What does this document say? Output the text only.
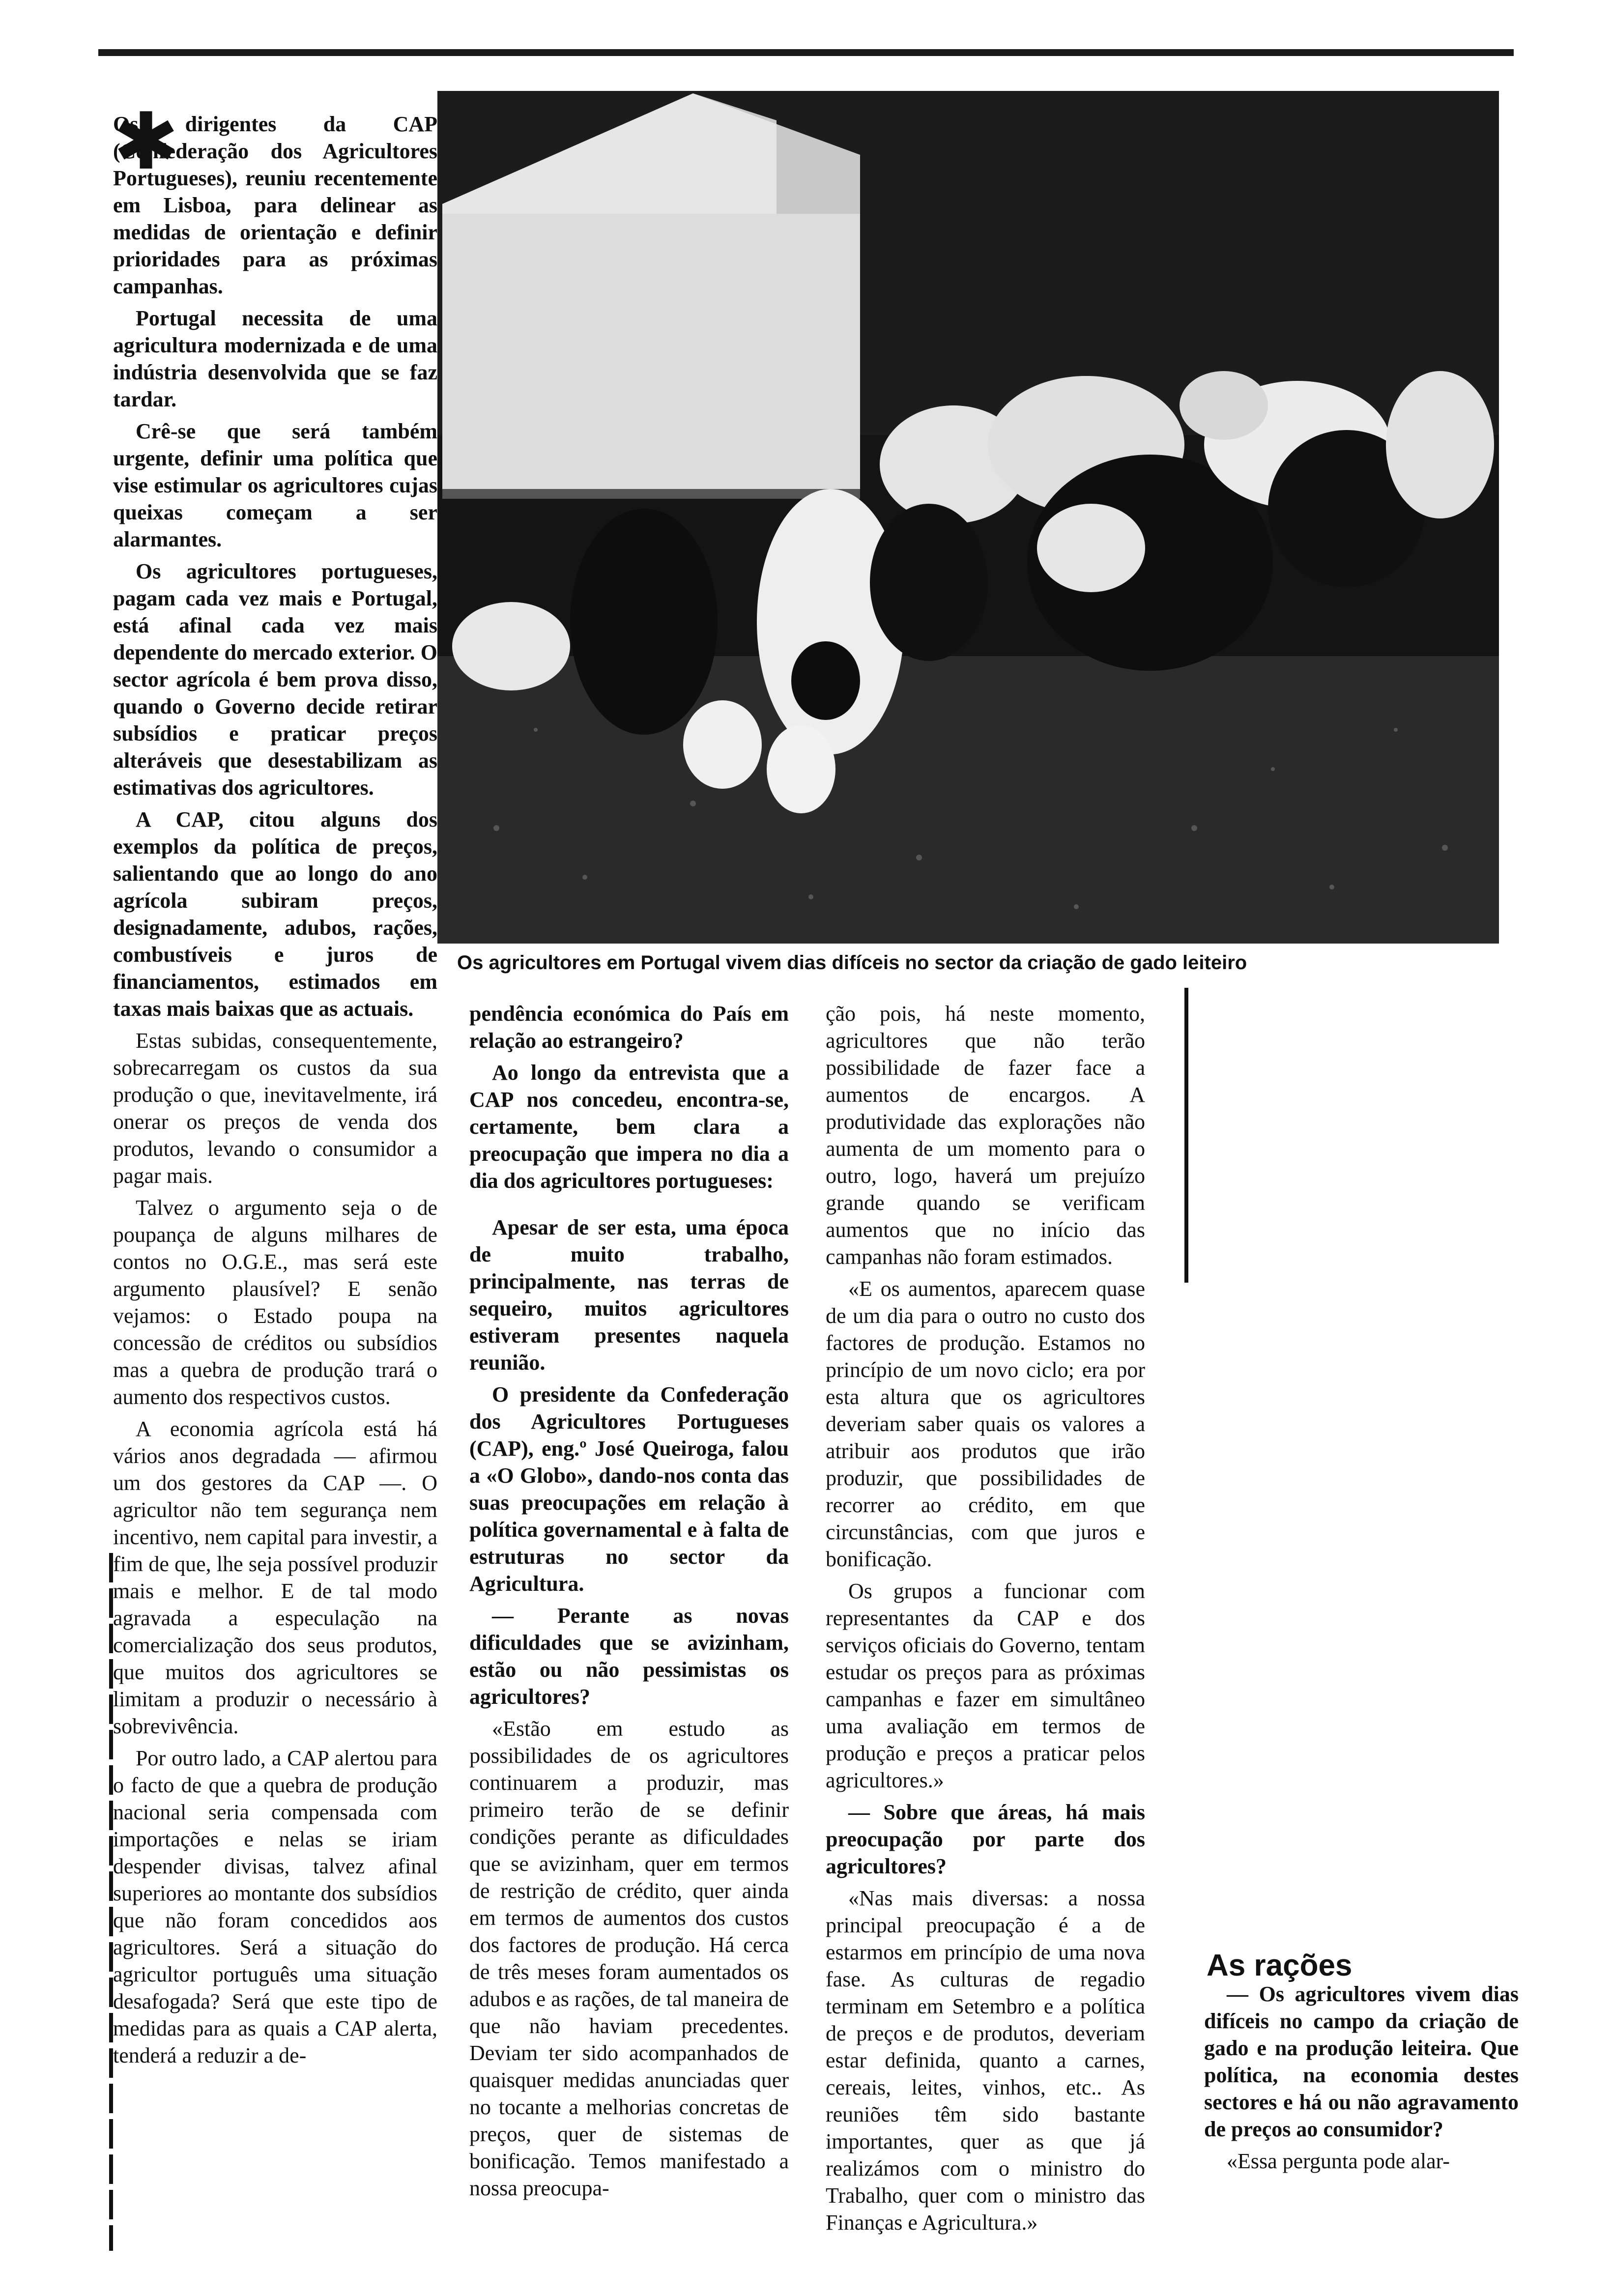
✱

Os dirigentes da CAP (Confederação dos Agricultores Portugueses), reuniu recentemente em Lisboa, para delinear as medidas de orientação e definir prioridades para as próximas campanhas.

Portugal necessita de uma agricultura modernizada e de uma indústria desenvolvida que se faz tardar.

Crê-se que será também urgente, definir uma política que vise estimular os agricultores cujas queixas começam a ser alarmantes.

Os agricultores portugueses, pagam cada vez mais e Portugal, está afinal cada vez mais dependente do mercado exterior. O sector agrícola é bem prova disso, quando o Governo decide retirar subsídios e praticar preços alteráveis que desestabilizam as estimativas dos agricultores.

A CAP, citou alguns dos exemplos da política de preços, salientando que ao longo do ano agrícola subiram preços, designadamente, adubos, rações, combustíveis e juros de financiamentos, estimados em taxas mais baixas que as actuais.

Estas subidas, consequentemente, sobrecarregam os custos da sua produção o que, inevitavelmente, irá onerar os preços de venda dos produtos, levando o consumidor a pagar mais.

Talvez o argumento seja o de poupança de alguns milhares de contos no O.G.E., mas será este argumento plausível? E senão vejamos: o Estado poupa na concessão de créditos ou subsídios mas a quebra de produção trará o aumento dos respectivos custos.

A economia agrícola está há vários anos degradada — afirmou um dos gestores da CAP —. O agricultor não tem segurança nem incentivo, nem capital para investir, a fim de que, lhe seja possível produzir mais e melhor. E de tal modo agravada a especulação na comercialização dos seus produtos, que muitos dos agricultores se limitam a produzir o necessário à sobrevivência.

Por outro lado, a CAP alertou para o facto de que a quebra de produção nacional seria compensada com importações e nelas se iriam despender divisas, talvez afinal superiores ao montante dos subsídios que não foram concedidos aos agricultores. Será a situação do agricultor português uma situação desafogada? Será que este tipo de medidas para as quais a CAP alerta, tenderá a reduzir a de-

Os agricultores em Portugal vivem dias difíceis no sector da criação de gado leiteiro

pendência económica do País em relação ao estrangeiro?

Ao longo da entrevista que a CAP nos concedeu, encontra-se, certamente, bem clara a preocupação que impera no dia a dia dos agricultores portugueses:

Apesar de ser esta, uma época de muito trabalho, principalmente, nas terras de sequeiro, muitos agricultores estiveram presentes naquela reunião.

O presidente da Confederação dos Agricultores Portugueses (CAP), eng.º José Queiroga, falou a «O Globo», dando-nos conta das suas preocupações em relação à política governamental e à falta de estruturas no sector da Agricultura.

— Perante as novas dificuldades que se avizinham, estão ou não pessimistas os agricultores?

«Estão em estudo as possibilidades de os agricultores continuarem a produzir, mas primeiro terão de se definir condições perante as dificuldades que se avizinham, quer em termos de restrição de crédito, quer ainda em termos de aumentos dos custos dos factores de produção. Há cerca de três meses foram aumentados os adubos e as rações, de tal maneira de que não haviam precedentes. Deviam ter sido acompanhados de quaisquer medidas anunciadas quer no tocante a melhorias concretas de preços, quer de sistemas de bonificação. Temos manifestado a nossa preocupa-

ção pois, há neste momento, agricultores que não terão possibilidade de fazer face a aumentos de encargos. A produtividade das explorações não aumenta de um momento para o outro, logo, haverá um prejuízo grande quando se verificam aumentos que no início das campanhas não foram estimados.

«E os aumentos, aparecem quase de um dia para o outro no custo dos factores de produção. Estamos no princípio de um novo ciclo; era por esta altura que os agricultores deveriam saber quais os valores a atribuir aos produtos que irão produzir, que possibilidades de recorrer ao crédito, em que circunstâncias, com que juros e bonificação.

Os grupos a funcionar com representantes da CAP e dos serviços oficiais do Governo, tentam estudar os preços para as próximas campanhas e fazer em simultâneo uma avaliação em termos de produção e preços a praticar pelos agricultores.»

— Sobre que áreas, há mais preocupação por parte dos agricultores?

«Nas mais diversas: a nossa principal preocupação é a de estarmos em princípio de uma nova fase. As culturas de regadio terminam em Setembro e a política de preços e de produtos, deveriam estar definida, quanto a carnes, cereais, leites, vinhos, etc.. As reuniões têm sido bastante importantes, quer as que já realizámos com o ministro do Trabalho, quer com o ministro das Finanças e Agricultura.»

As rações

— Os agricultores vivem dias difíceis no campo da criação de gado e na produção leiteira. Que política, na economia destes sectores e há ou não agravamento de preços ao consumidor?

«Essa pergunta pode alar-
